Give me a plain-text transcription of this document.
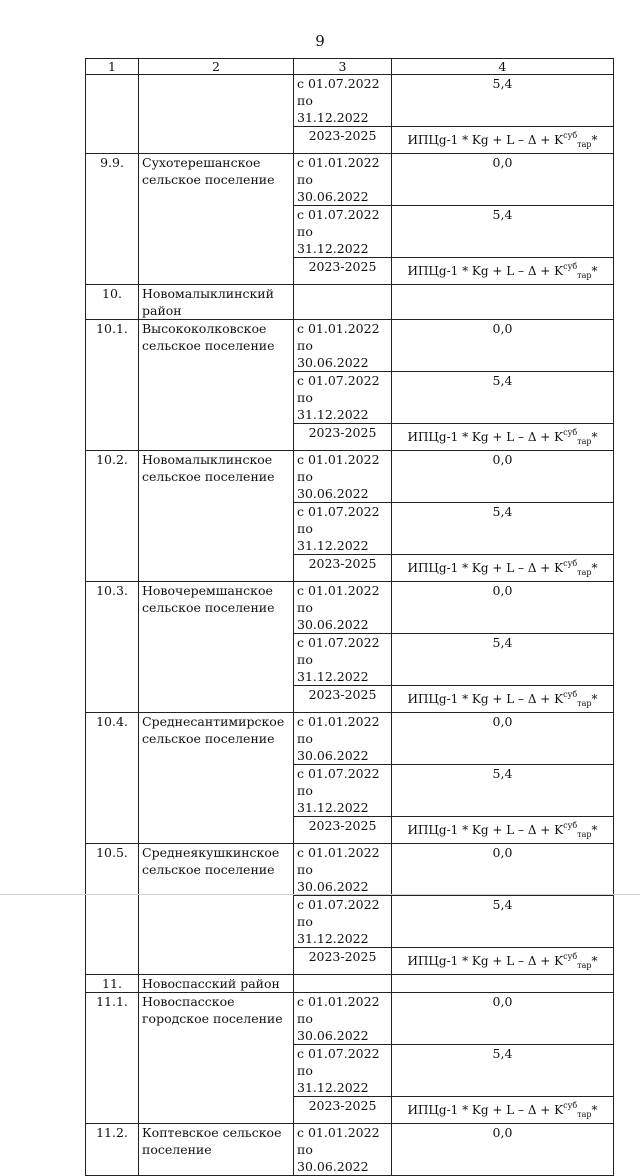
9
1	2	3	4
		с 01.07.2022 по 31.12.2022	5,4
		2023-2025	ИПЦg-1 * $Kg + L - \Delta + K^{суб}_{тар}*$
9.9.	Сухотерешанское сельское поселение	с 01.01.2022 по 30.06.2022	0,0
		с 01.07.2022 по 31.12.2022	5,4
		2023-2025	ИПЦg-1 * $Kg + L - \Delta + K^{суб}_{тар}*$
10.	Новомалыклинский район		
10.1.	Высококолковское сельское поселение	с 01.01.2022 по 30.06.2022	0,0
		с 01.07.2022 по 31.12.2022	5,4
		2023-2025	ИПЦg-1 * $Kg + L - \Delta + K^{суб}_{тар}*$
10.2.	Новомалыклинское сельское поселение	с 01.01.2022 по 30.06.2022	0,0
		с 01.07.2022 по 31.12.2022	5,4
		2023-2025	ИПЦg-1 * $Kg + L - \Delta + K^{суб}_{тар}*$
10.3.	Новочеремшанское сельское поселение	с 01.01.2022 по 30.06.2022	0,0
		с 01.07.2022 по 31.12.2022	5,4
		2023-2025	ИПЦg-1 * $Kg + L - \Delta + K^{суб}_{тар}*$
10.4.	Среднесантимирское сельское поселение	с 01.01.2022 по 30.06.2022	0,0
		с 01.07.2022 по 31.12.2022	5,4
		2023-2025	ИПЦg-1 * $Kg + L - \Delta + K^{суб}_{тар}*$
10.5.	Среднеякушкинское сельское поселение	с 01.01.2022 по 30.06.2022	0,0
		с 01.07.2022 по 31.12.2022	5,4
		2023-2025	ИПЦg-1 * $Kg + L - \Delta + K^{суб}_{тар}*$
11.	Новоспасский район		
11.1.	Новоспасское городское поселение	с 01.01.2022 по 30.06.2022	0,0
		с 01.07.2022 по 31.12.2022	5,4
		2023-2025	ИПЦg-1 * $Kg + L - \Delta + K^{суб}_{тар}*$
11.2.	Коптевское сельское поселение	с 01.01.2022 по 30.06.2022	0,0
